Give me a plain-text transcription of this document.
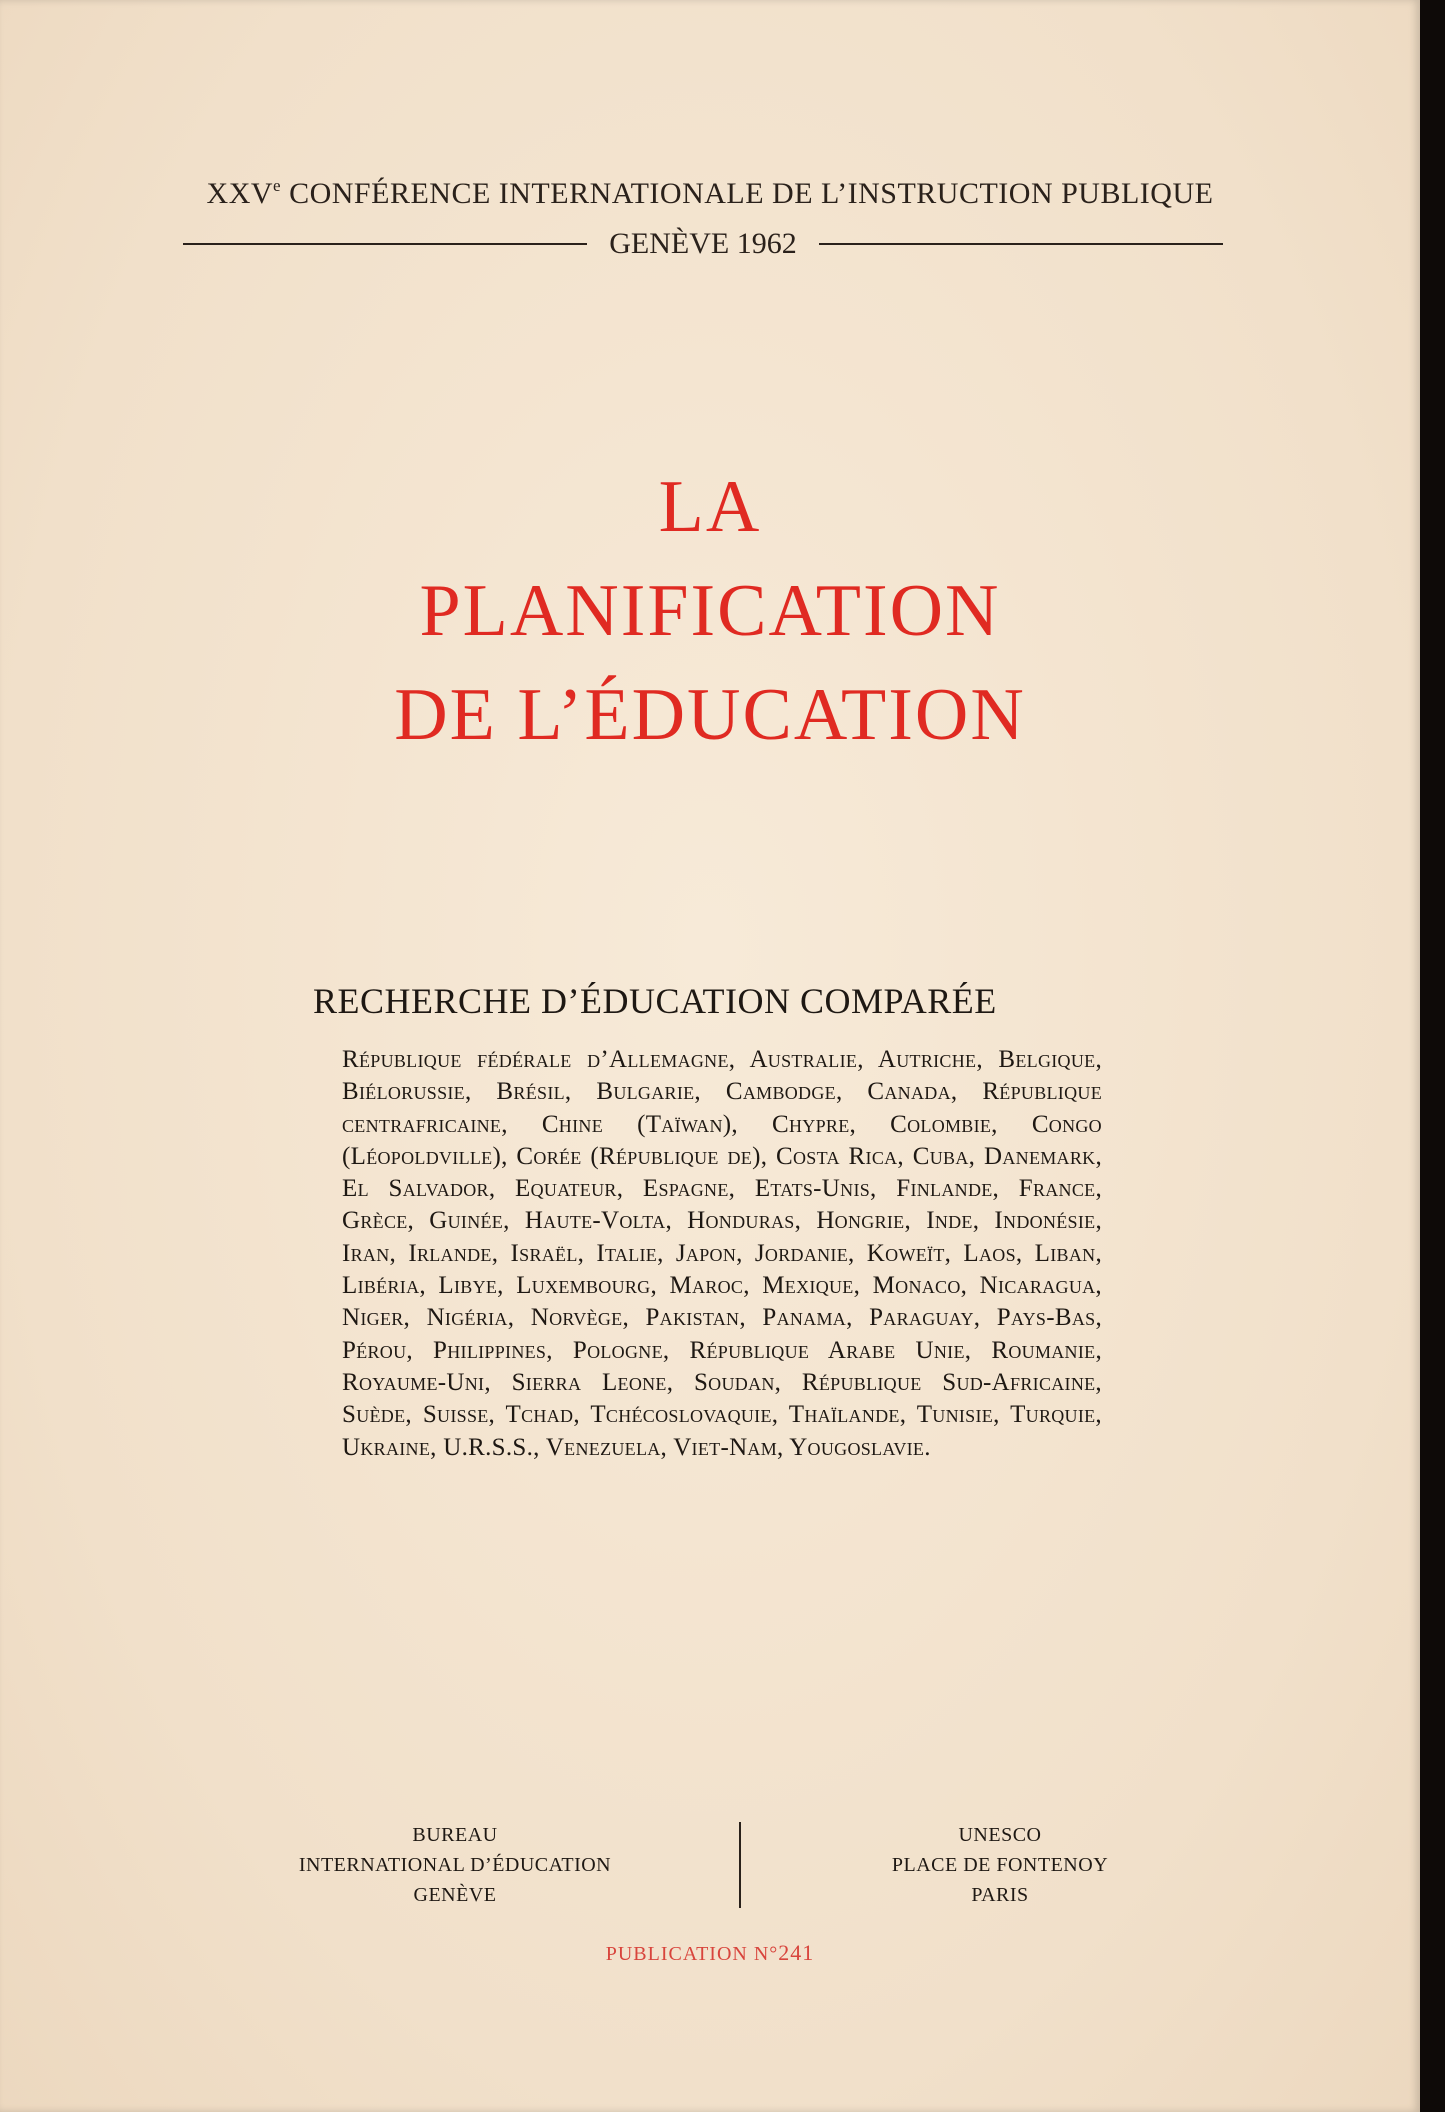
XXVe CONFÉRENCE INTERNATIONALE DE L’INSTRUCTION PUBLIQUE
GENÈVE 1962
LA
PLANIFICATION
DE L’ÉDUCATION
RECHERCHE D’ÉDUCATION COMPARÉE
République fédérale d’Allemagne, Australie, Autriche, Belgique, Biélorussie, Brésil, Bulgarie, Cambodge, Canada, République centrafricaine, Chine (Taïwan), Chypre, Colombie, Congo (Léopoldville), Corée (République de), Costa Rica, Cuba, Danemark, El Salvador, Equateur, Espagne, Etats-Unis, Finlande, France, Grèce, Guinée, Haute-Volta, Honduras, Hongrie, Inde, Indonésie, Iran, Irlande, Israël, Italie, Japon, Jordanie, Koweït, Laos, Liban, Libéria, Libye, Luxembourg, Maroc, Mexique, Monaco, Nicaragua, Niger, Nigéria, Norvège, Pakistan, Panama, Paraguay, Pays-Bas, Pérou, Philippines, Pologne, République Arabe Unie, Roumanie, Royaume-Uni, Sierra Leone, Soudan, République Sud-Africaine, Suède, Suisse, Tchad, Tchécoslovaquie, Thaïlande, Tunisie, Turquie, Ukraine, U.R.S.S., Venezuela, Viet-Nam, Yougoslavie.
BUREAU
INTERNATIONAL D’ÉDUCATION
GENÈVE
UNESCO
PLACE DE FONTENOY
PARIS
PUBLICATION N°241
